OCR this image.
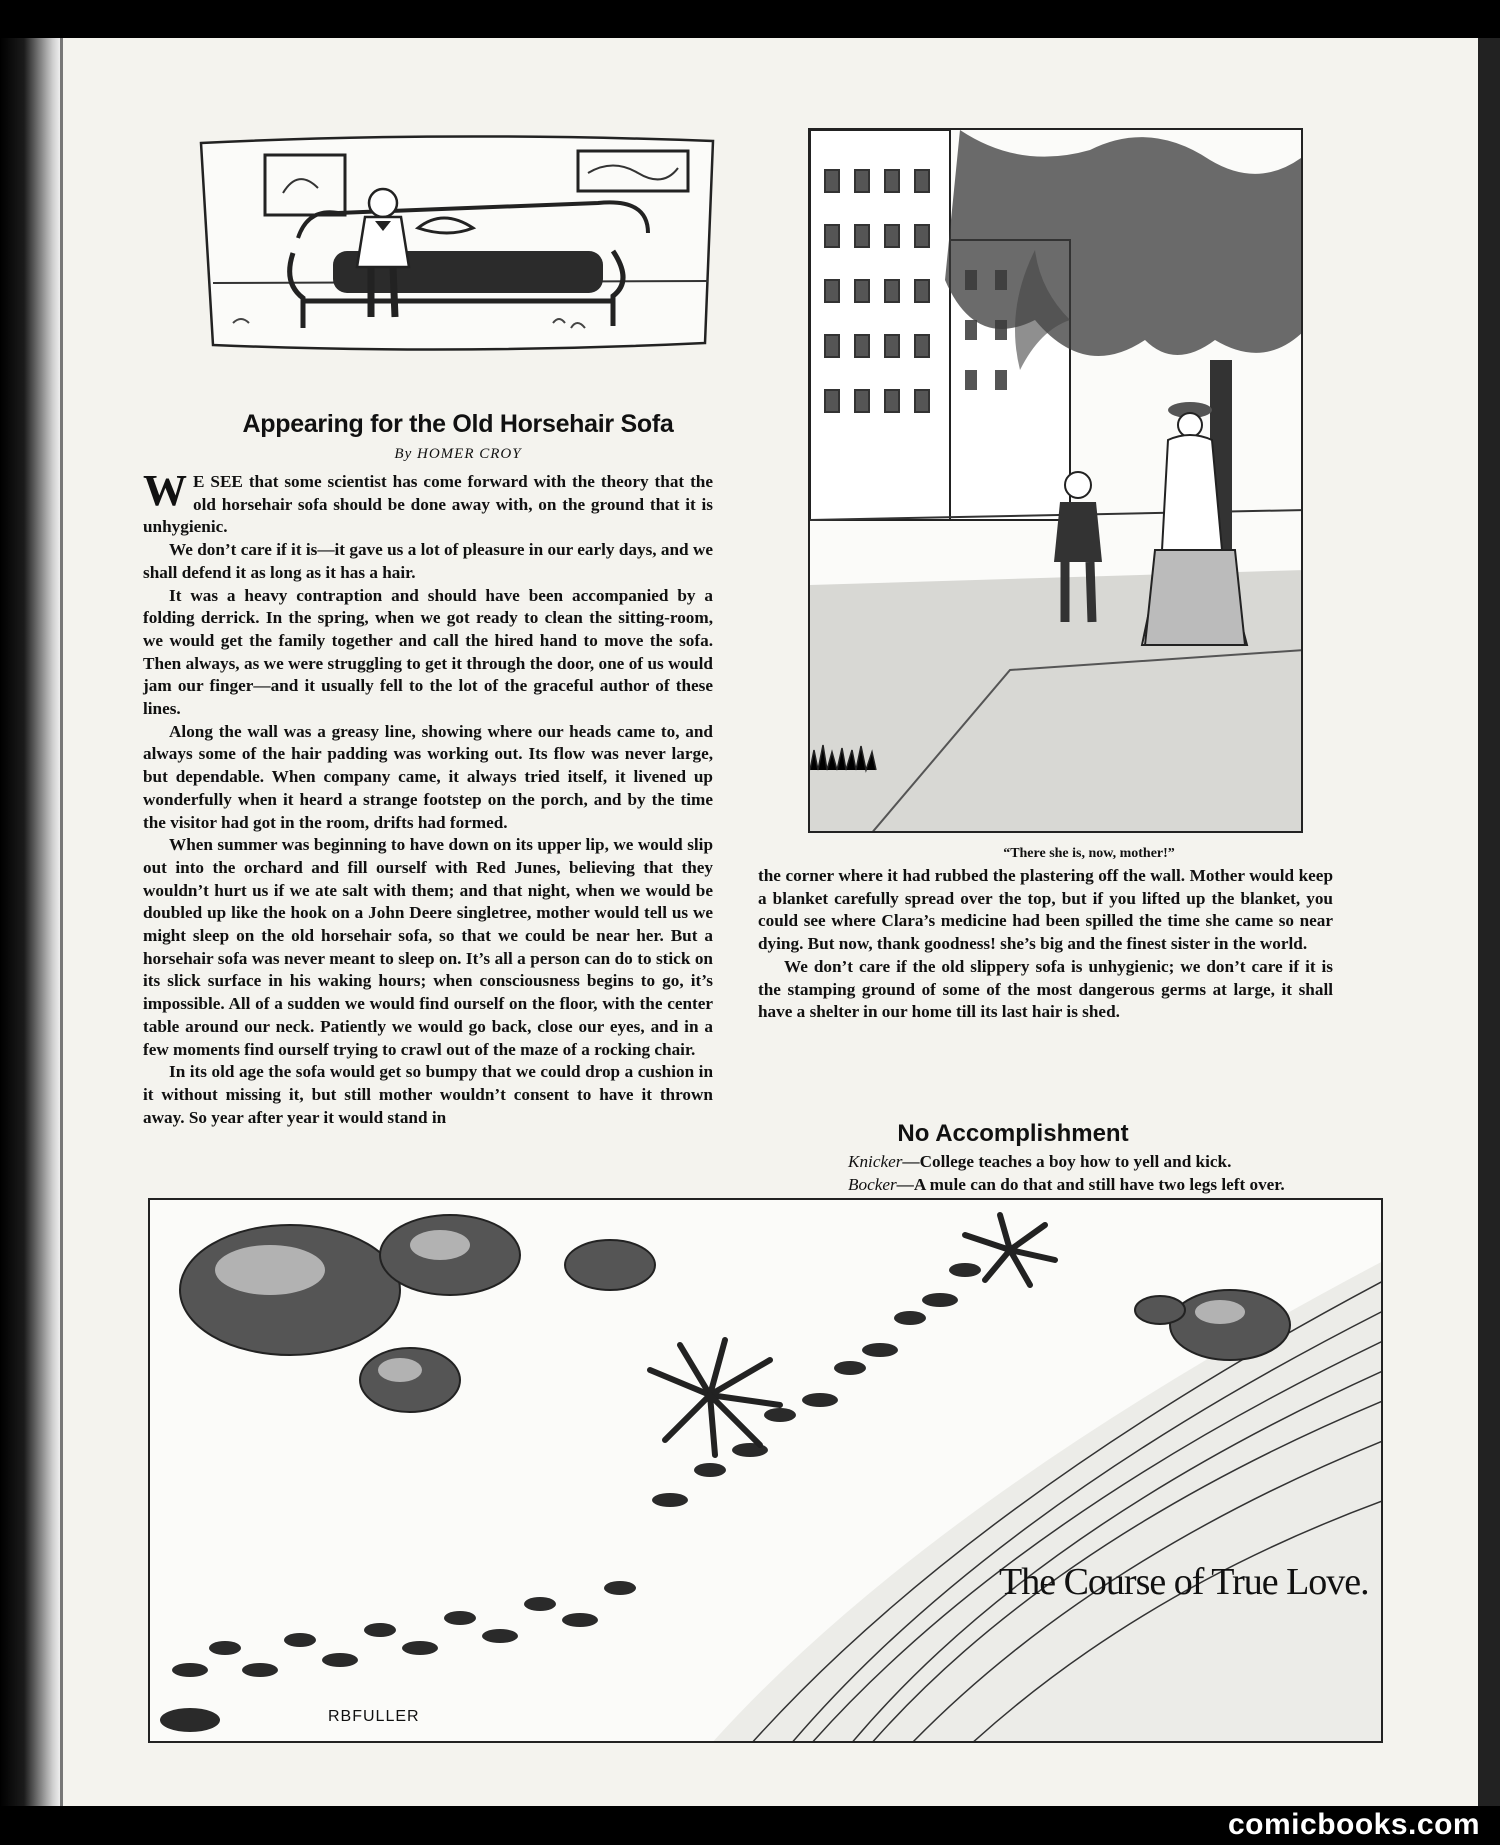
Appearing for the Old Horsehair Sofa
By HOMER CROY

W E SEE that some scientist has come forward with the theory that the old horsehair sofa should be done away with, on the ground that it is unhygienic.

We don’t care if it is—it gave us a lot of pleasure in our early days, and we shall defend it as long as it has a hair.

It was a heavy contraption and should have been accompanied by a folding derrick. In the spring, when we got ready to clean the sitting-room, we would get the family together and call the hired hand to move the sofa. Then always, as we were struggling to get it through the door, one of us would jam our finger—and it usually fell to the lot of the graceful author of these lines.

Along the wall was a greasy line, showing where our heads came to, and always some of the hair padding was working out. Its flow was never large, but dependable. When company came, it always tried itself, it livened up wonderfully when it heard a strange footstep on the porch, and by the time the visitor had got in the room, drifts had formed.

When summer was beginning to have down on its upper lip, we would slip out into the orchard and fill ourself with Red Junes, believing that they wouldn’t hurt us if we ate salt with them; and that night, when we would be doubled up like the hook on a John Deere singletree, mother would tell us we might sleep on the old horsehair sofa, so that we could be near her. But a horsehair sofa was never meant to sleep on. It’s all a person can do to stick on its slick surface in his waking hours; when consciousness begins to go, it’s impossible. All of a sudden we would find ourself on the floor, with the center table around our neck. Patiently we would go back, close our eyes, and in a few moments find ourself trying to crawl out of the maze of a rocking chair.

In its old age the sofa would get so bumpy that we could drop a cushion in it without missing it, but still mother wouldn’t consent to have it thrown away. So year after year it would stand in

“There she is, now, mother!”

the corner where it had rubbed the plastering off the wall. Mother would keep a blanket carefully spread over the top, but if you lifted up the blanket, you could see where Clara’s medicine had been spilled the time she came so near dying. But now, thank goodness! she’s big and the finest sister in the world.

We don’t care if the old slippery sofa is unhygienic; we don’t care if it is the stamping ground of some of the most dangerous germs at large, it shall have a shelter in our home till its last hair is shed.

No Accomplishment
Knicker—College teaches a boy how to yell and kick.
Bocker—A mule can do that and still have two legs left over.
The Course of True Love.
RBFULLER
comicbooks.com
